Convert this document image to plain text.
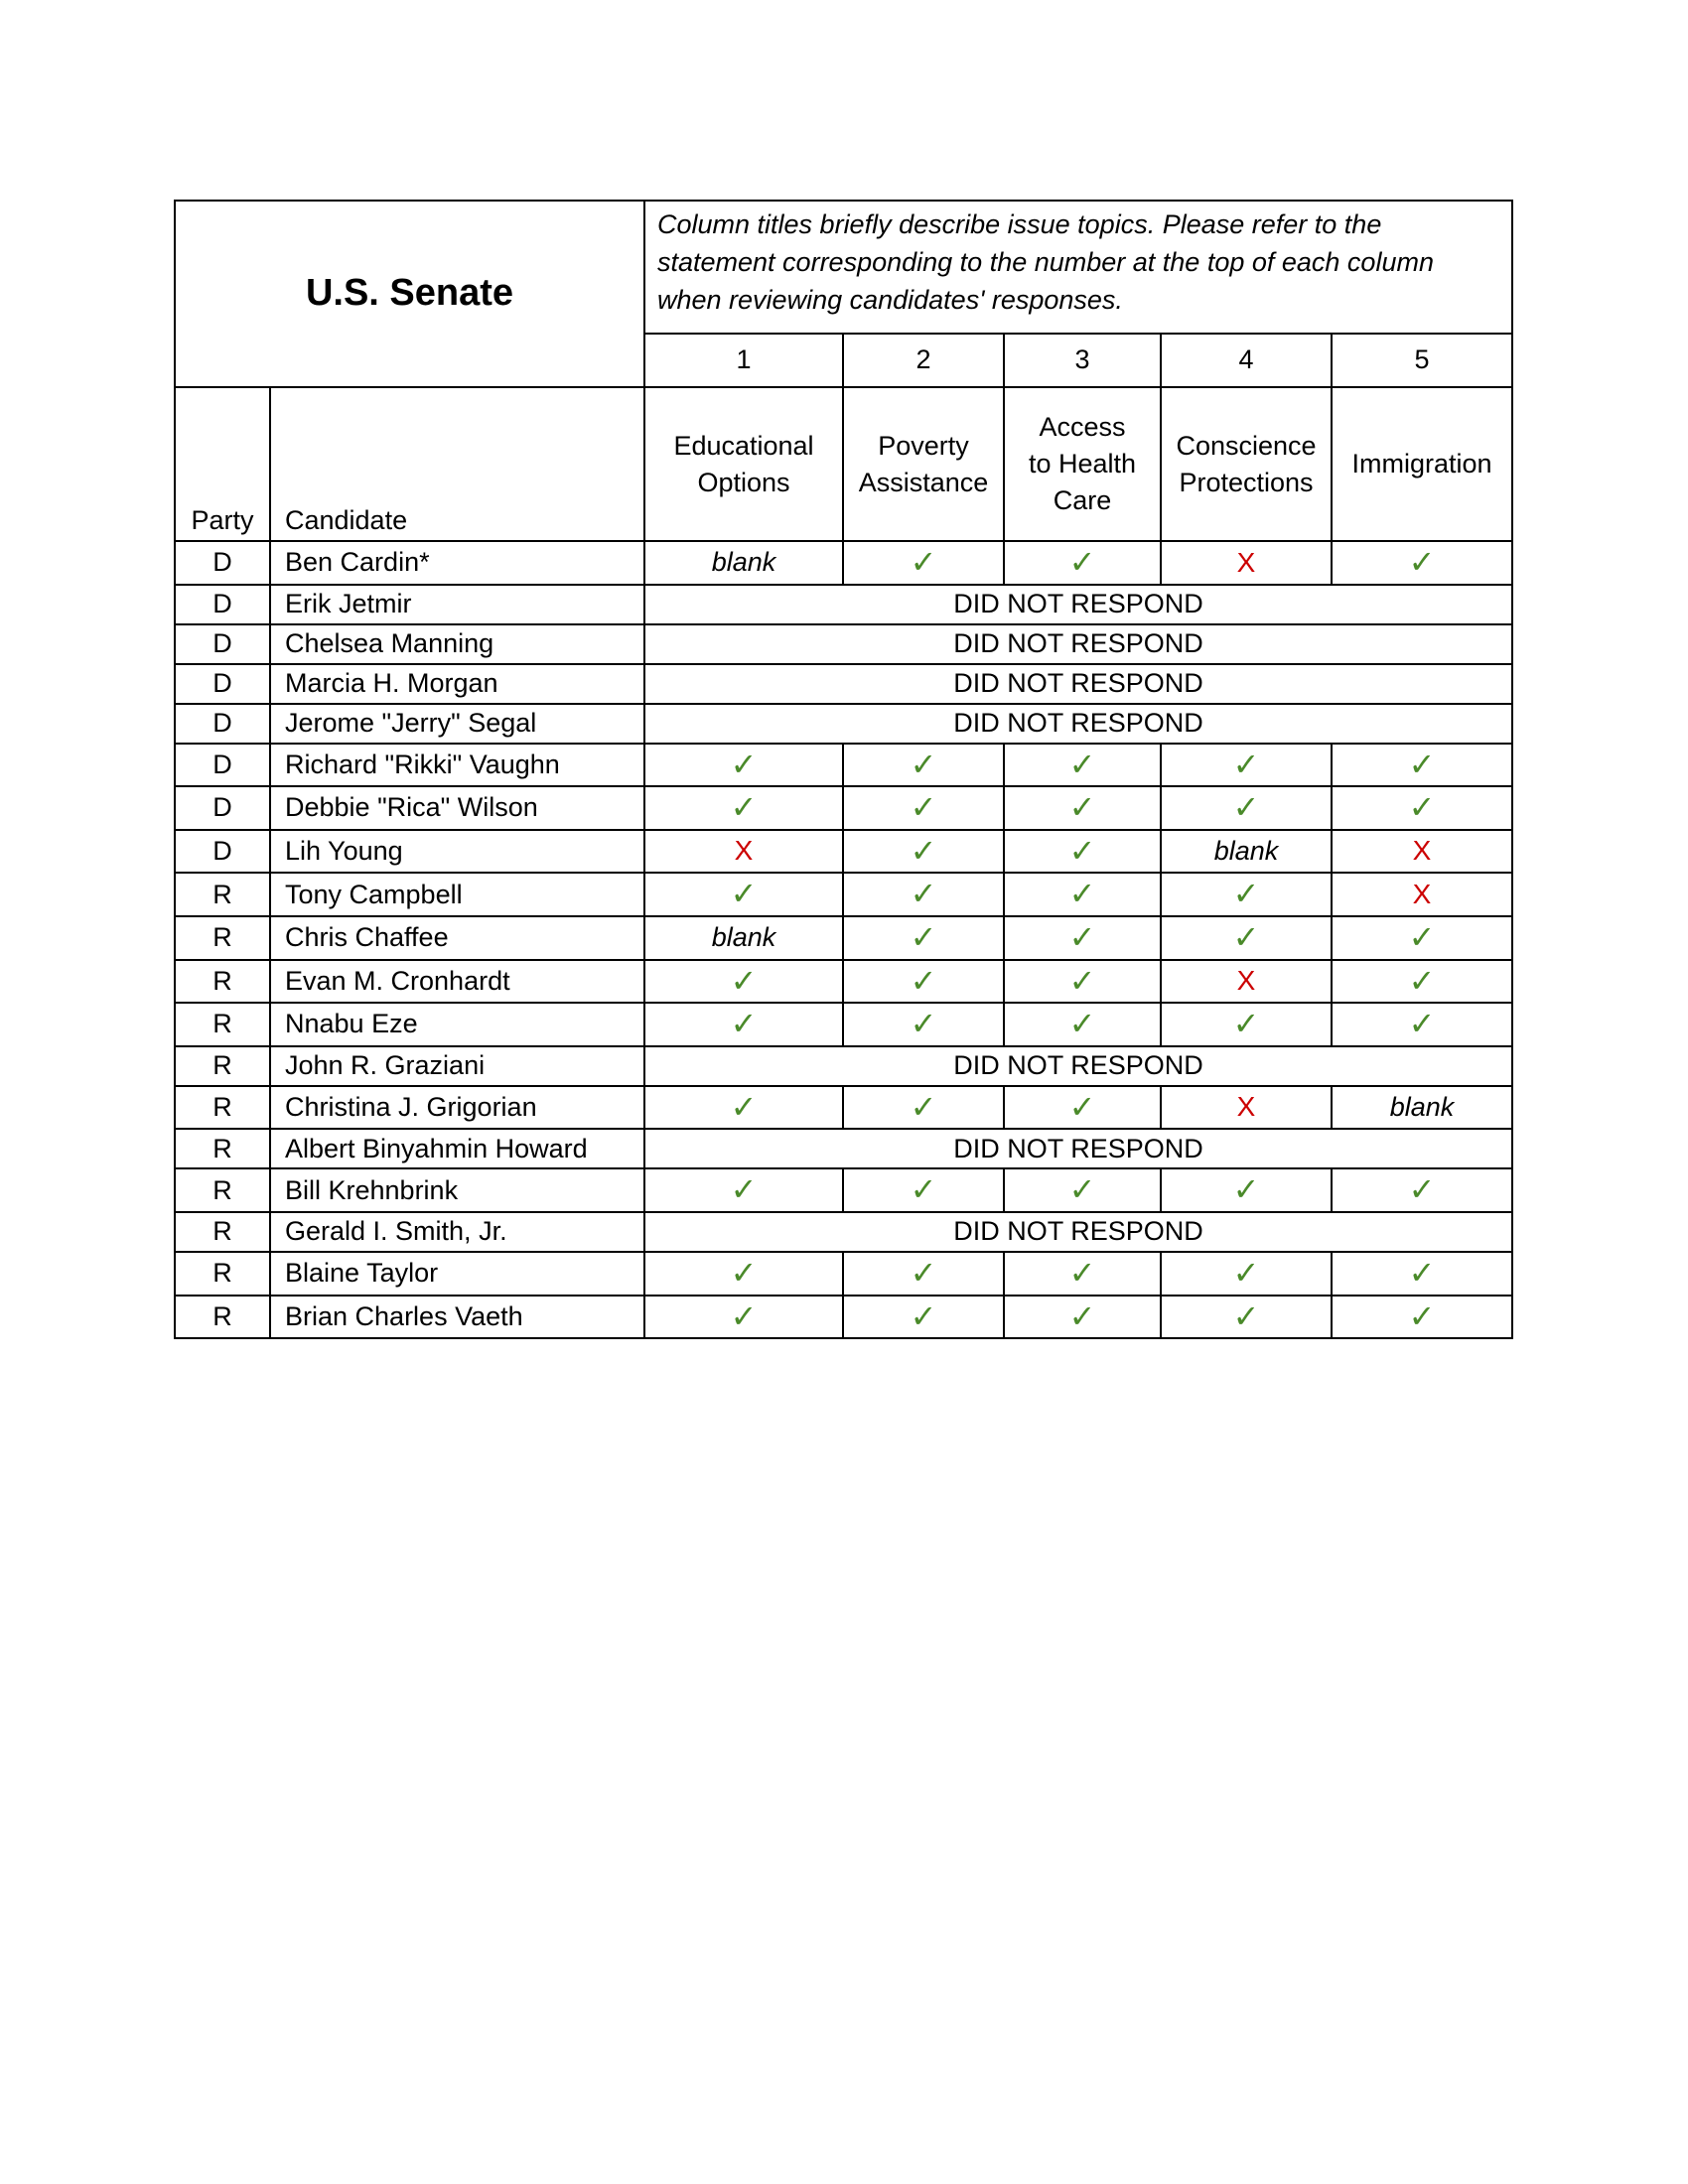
U.S. Senate		Column titles briefly describe issue topics. Please refer to the statement corresponding to the number at the top of each column when reviewing candidates' responses.				
		1	2	3	4	5
Party	Candidate	Educational Options	Poverty Assistance	Access to Health Care	Conscience Protections	Immigration
D	Ben Cardin*	blank	✓	✓	X	✓
D	Erik Jetmir	DID NOT RESPOND				
D	Chelsea Manning	DID NOT RESPOND				
D	Marcia H. Morgan	DID NOT RESPOND				
D	Jerome "Jerry" Segal	DID NOT RESPOND				
D	Richard "Rikki" Vaughn	✓	✓	✓	✓	✓
D	Debbie "Rica" Wilson	✓	✓	✓	✓	✓
D	Lih Young	X	✓	✓	blank	X
R	Tony Campbell	✓	✓	✓	✓	X
R	Chris Chaffee	blank	✓	✓	✓	✓
R	Evan M. Cronhardt	✓	✓	✓	X	✓
R	Nnabu Eze	✓	✓	✓	✓	✓
R	John R. Graziani	DID NOT RESPOND				
R	Christina J. Grigorian	✓	✓	✓	X	blank
R	Albert Binyahmin Howard	DID NOT RESPOND				
R	Bill Krehnbrink	✓	✓	✓	✓	✓
R	Gerald I. Smith, Jr.	DID NOT RESPOND				
R	Blaine Taylor	✓	✓	✓	✓	✓
R	Brian Charles Vaeth	✓	✓	✓	✓	✓
